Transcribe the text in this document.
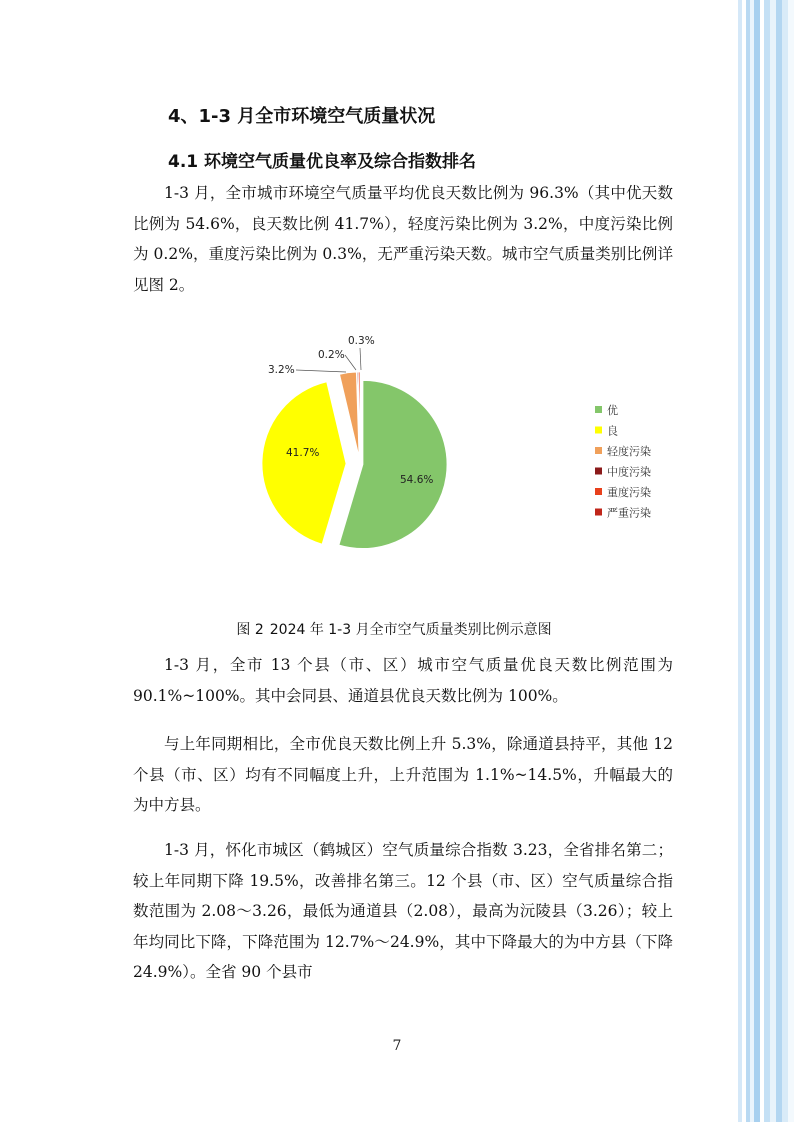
4、1-3 月全市环境空气质量状况
4.1 环境空气质量优良率及综合指数排名

1-3 月，全市城市环境空气质量平均优良天数比例为 96.3%（其中优天数比例为 54.6%，良天数比例 41.7%），轻度污染比例为 3.2%，中度污染比例为 0.2%，重度污染比例为 0.3%，无严重污染天数。城市空气质量类别比例详见图 2。

54.6%
41.7%
3.2%
0.2%
0.3%
优
良
轻度污染
中度污染
重度污染
严重污染
图 2 2024 年 1-3 月全市空气质量类别比例示意图

1-3 月，全市 13 个县（市、区）城市空气质量优良天数比例范围为 90.1%~100%。其中会同县、通道县优良天数比例为 100%。

与上年同期相比，全市优良天数比例上升 5.3%，除通道县持平，其他 12 个县（市、区）均有不同幅度上升，上升范围为 1.1%~14.5%，升幅最大的为中方县。

1-3 月，怀化市城区（鹤城区）空气质量综合指数 3.23，全省排名第二；较上年同期下降 19.5%，改善排名第三。12 个县（市、区）空气质量综合指数范围为 2.08～3.26，最低为通道县（2.08），最高为沅陵县（3.26）；较上年均同比下降，下降范围为 12.7%～24.9%，其中下降最大的为中方县（下降 24.9%）。全省 90 个县市

7
